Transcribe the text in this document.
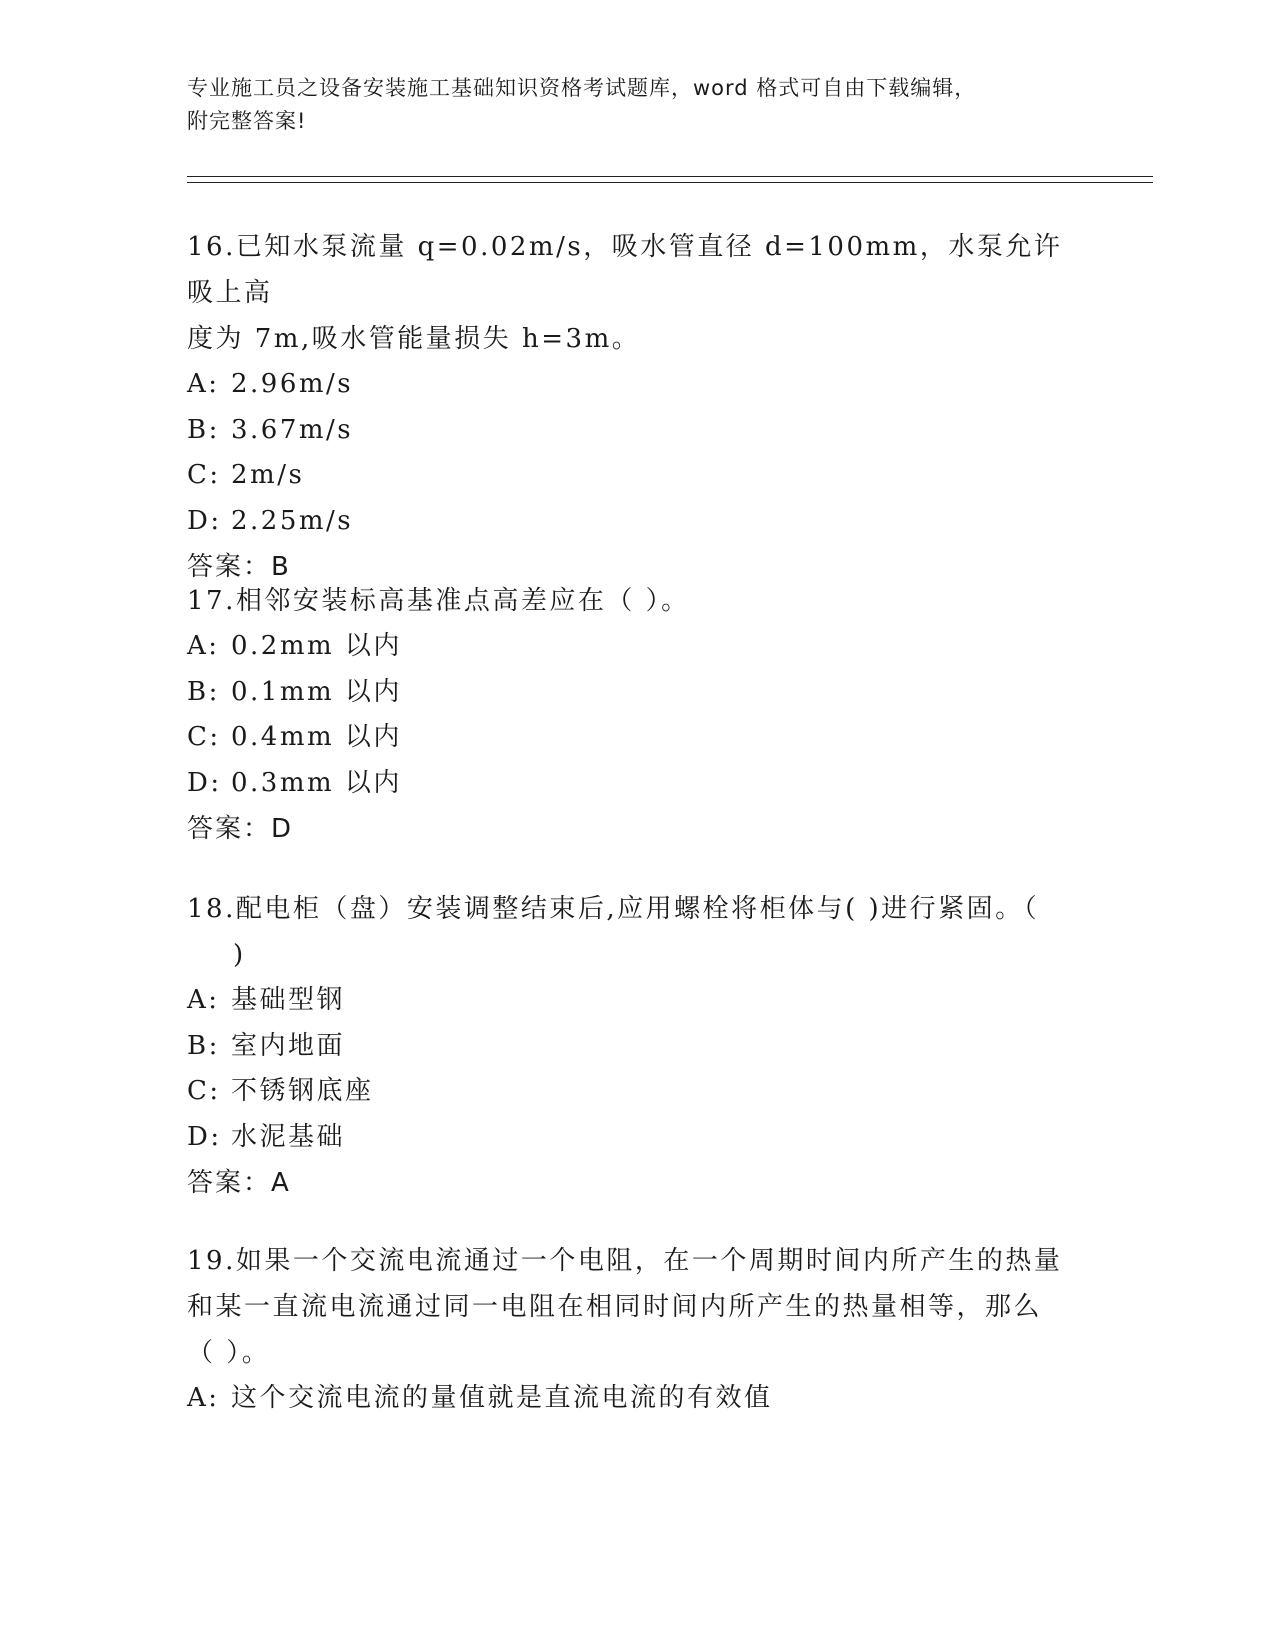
专业施工员之设备安装施工基础知识资格考试题库，word 格式可自由下载编辑，
附完整答案!

16.已知水泵流量 q=0.02m/s，吸水管直径 d=100mm，水泵允许吸上高
度为 7m,吸水管能量损失 h=3m。

A: 2.96m/s

B: 3.67m/s

C: 2m/s

D: 2.25m/s

答案：B

17.相邻安装标高基准点高差应在（ ）。

A: 0.2mm 以内

B: 0.1mm 以内

C: 0.4mm 以内

D: 0.3mm 以内

答案：D

18.配电柜（盘）安装调整结束后,应用螺栓将柜体与( )进行紧固。（
)

A: 基础型钢

B: 室内地面

C: 不锈钢底座

D: 水泥基础

答案：A

19.如果一个交流电流通过一个电阻，在一个周期时间内所产生的热量
和某一直流电流通过同一电阻在相同时间内所产生的热量相等，那么
（ ）。

A: 这个交流电流的量值就是直流电流的有效值
